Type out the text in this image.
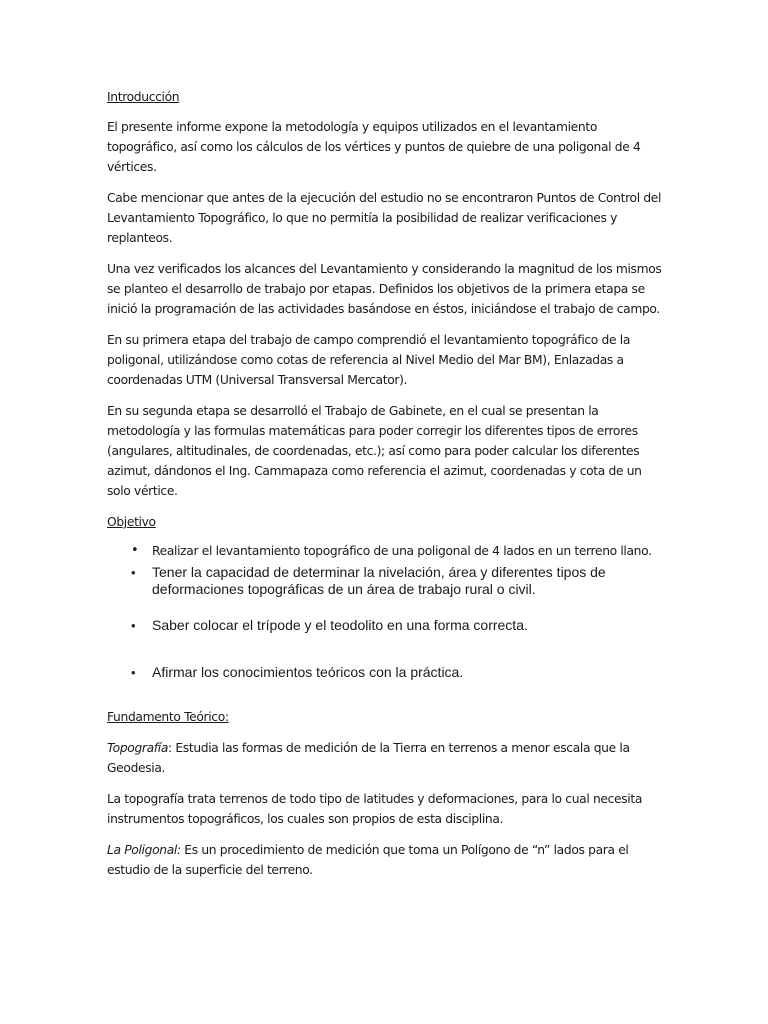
Introducción

El presente informe expone la metodología y equipos utilizados en el levantamiento topográfico, así como los cálculos de los vértices y puntos de quiebre de una poligonal de 4 vértices.

Cabe mencionar que antes de la ejecución del estudio no se encontraron Puntos de Control del Levantamiento Topográfico, lo que no permitía la posibilidad de realizar verificaciones y replanteos.

Una vez verificados los alcances del Levantamiento y considerando la magnitud de los mismos se planteo el desarrollo de trabajo por etapas. Definidos los objetivos de la primera etapa se inició la programación de las actividades basándose en éstos, iniciándose el trabajo de campo.

En su primera etapa del trabajo de campo comprendió el levantamiento topográfico de la poligonal, utilizándose como cotas de referencia al Nivel Medio del Mar BM), Enlazadas a coordenadas UTM (Universal Transversal Mercator).

En su segunda etapa se desarrolló el Trabajo de Gabinete, en el cual se presentan la metodología y las formulas matemáticas para poder corregir los diferentes tipos de errores (angulares, altitudinales, de coordenadas, etc.); así como para poder calcular los diferentes azimut, dándonos el Ing. Cammapaza como referencia el azimut, coordenadas y cota de un solo vértice.

Objetivo
• Realizar el levantamiento topográfico de una poligonal de 4 lados en un terreno llano.
• Tener la capacidad de determinar la nivelación, área y diferentes tipos de deformaciones topográficas de un área de trabajo rural o civil.
• Saber colocar el trípode y el teodolito en una forma correcta.
• Afirmar los conocimientos teóricos con la práctica.
Fundamento Teórico:

Topografía: Estudia las formas de medición de la Tierra en terrenos a menor escala que la Geodesia.

La topografía trata terrenos de todo tipo de latitudes y deformaciones, para lo cual necesita instrumentos topográficos, los cuales son propios de esta disciplina.

La Poligonal: Es un procedimiento de medición que toma un Polígono de “n” lados para el estudio de la superficie del terreno.
